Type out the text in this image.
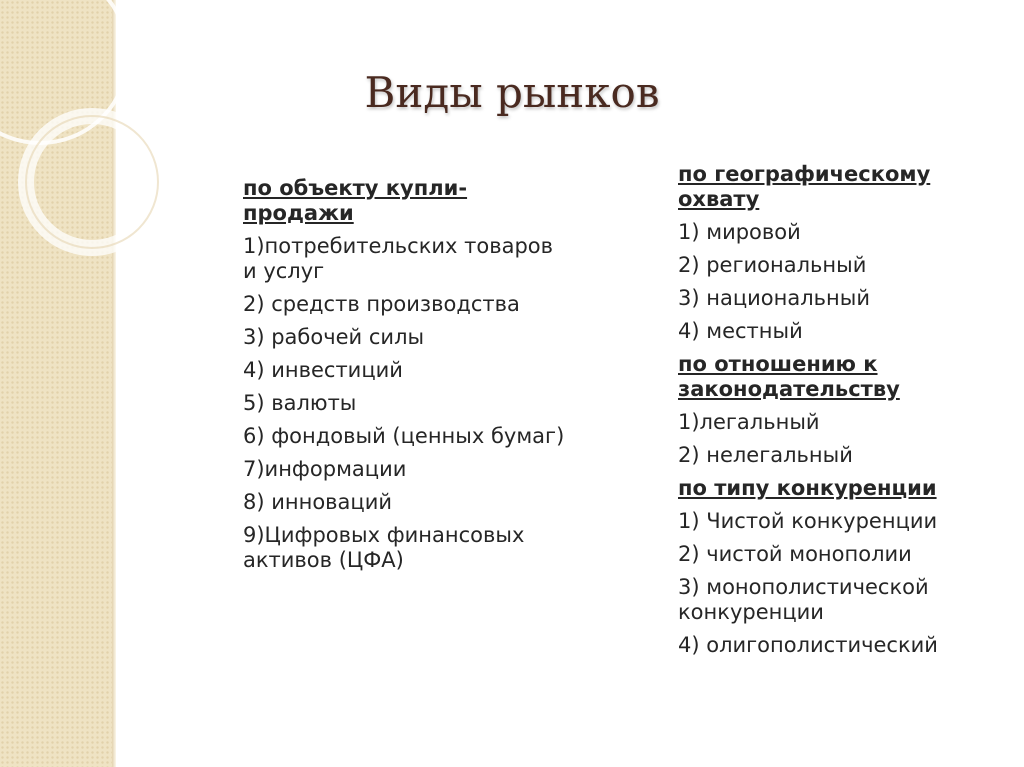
Виды рынков
по объекту купли-продажи
1)потребительских товаров и услуг
2) средств производства
3) рабочей силы
4) инвестиций
5) валюты
6) фондовый (ценных бумаг)
7)информации
8) инноваций
9)Цифровых финансовых активов (ЦФА)
по географическому охвату
1) мировой
2) региональный
3) национальный
4) местный
по отношению к законодательству
1)легальный
2) нелегальный
по типу конкуренции
1) Чистой конкуренции
2) чистой монополии
3) монополистической конкуренции
4) олигополистический
